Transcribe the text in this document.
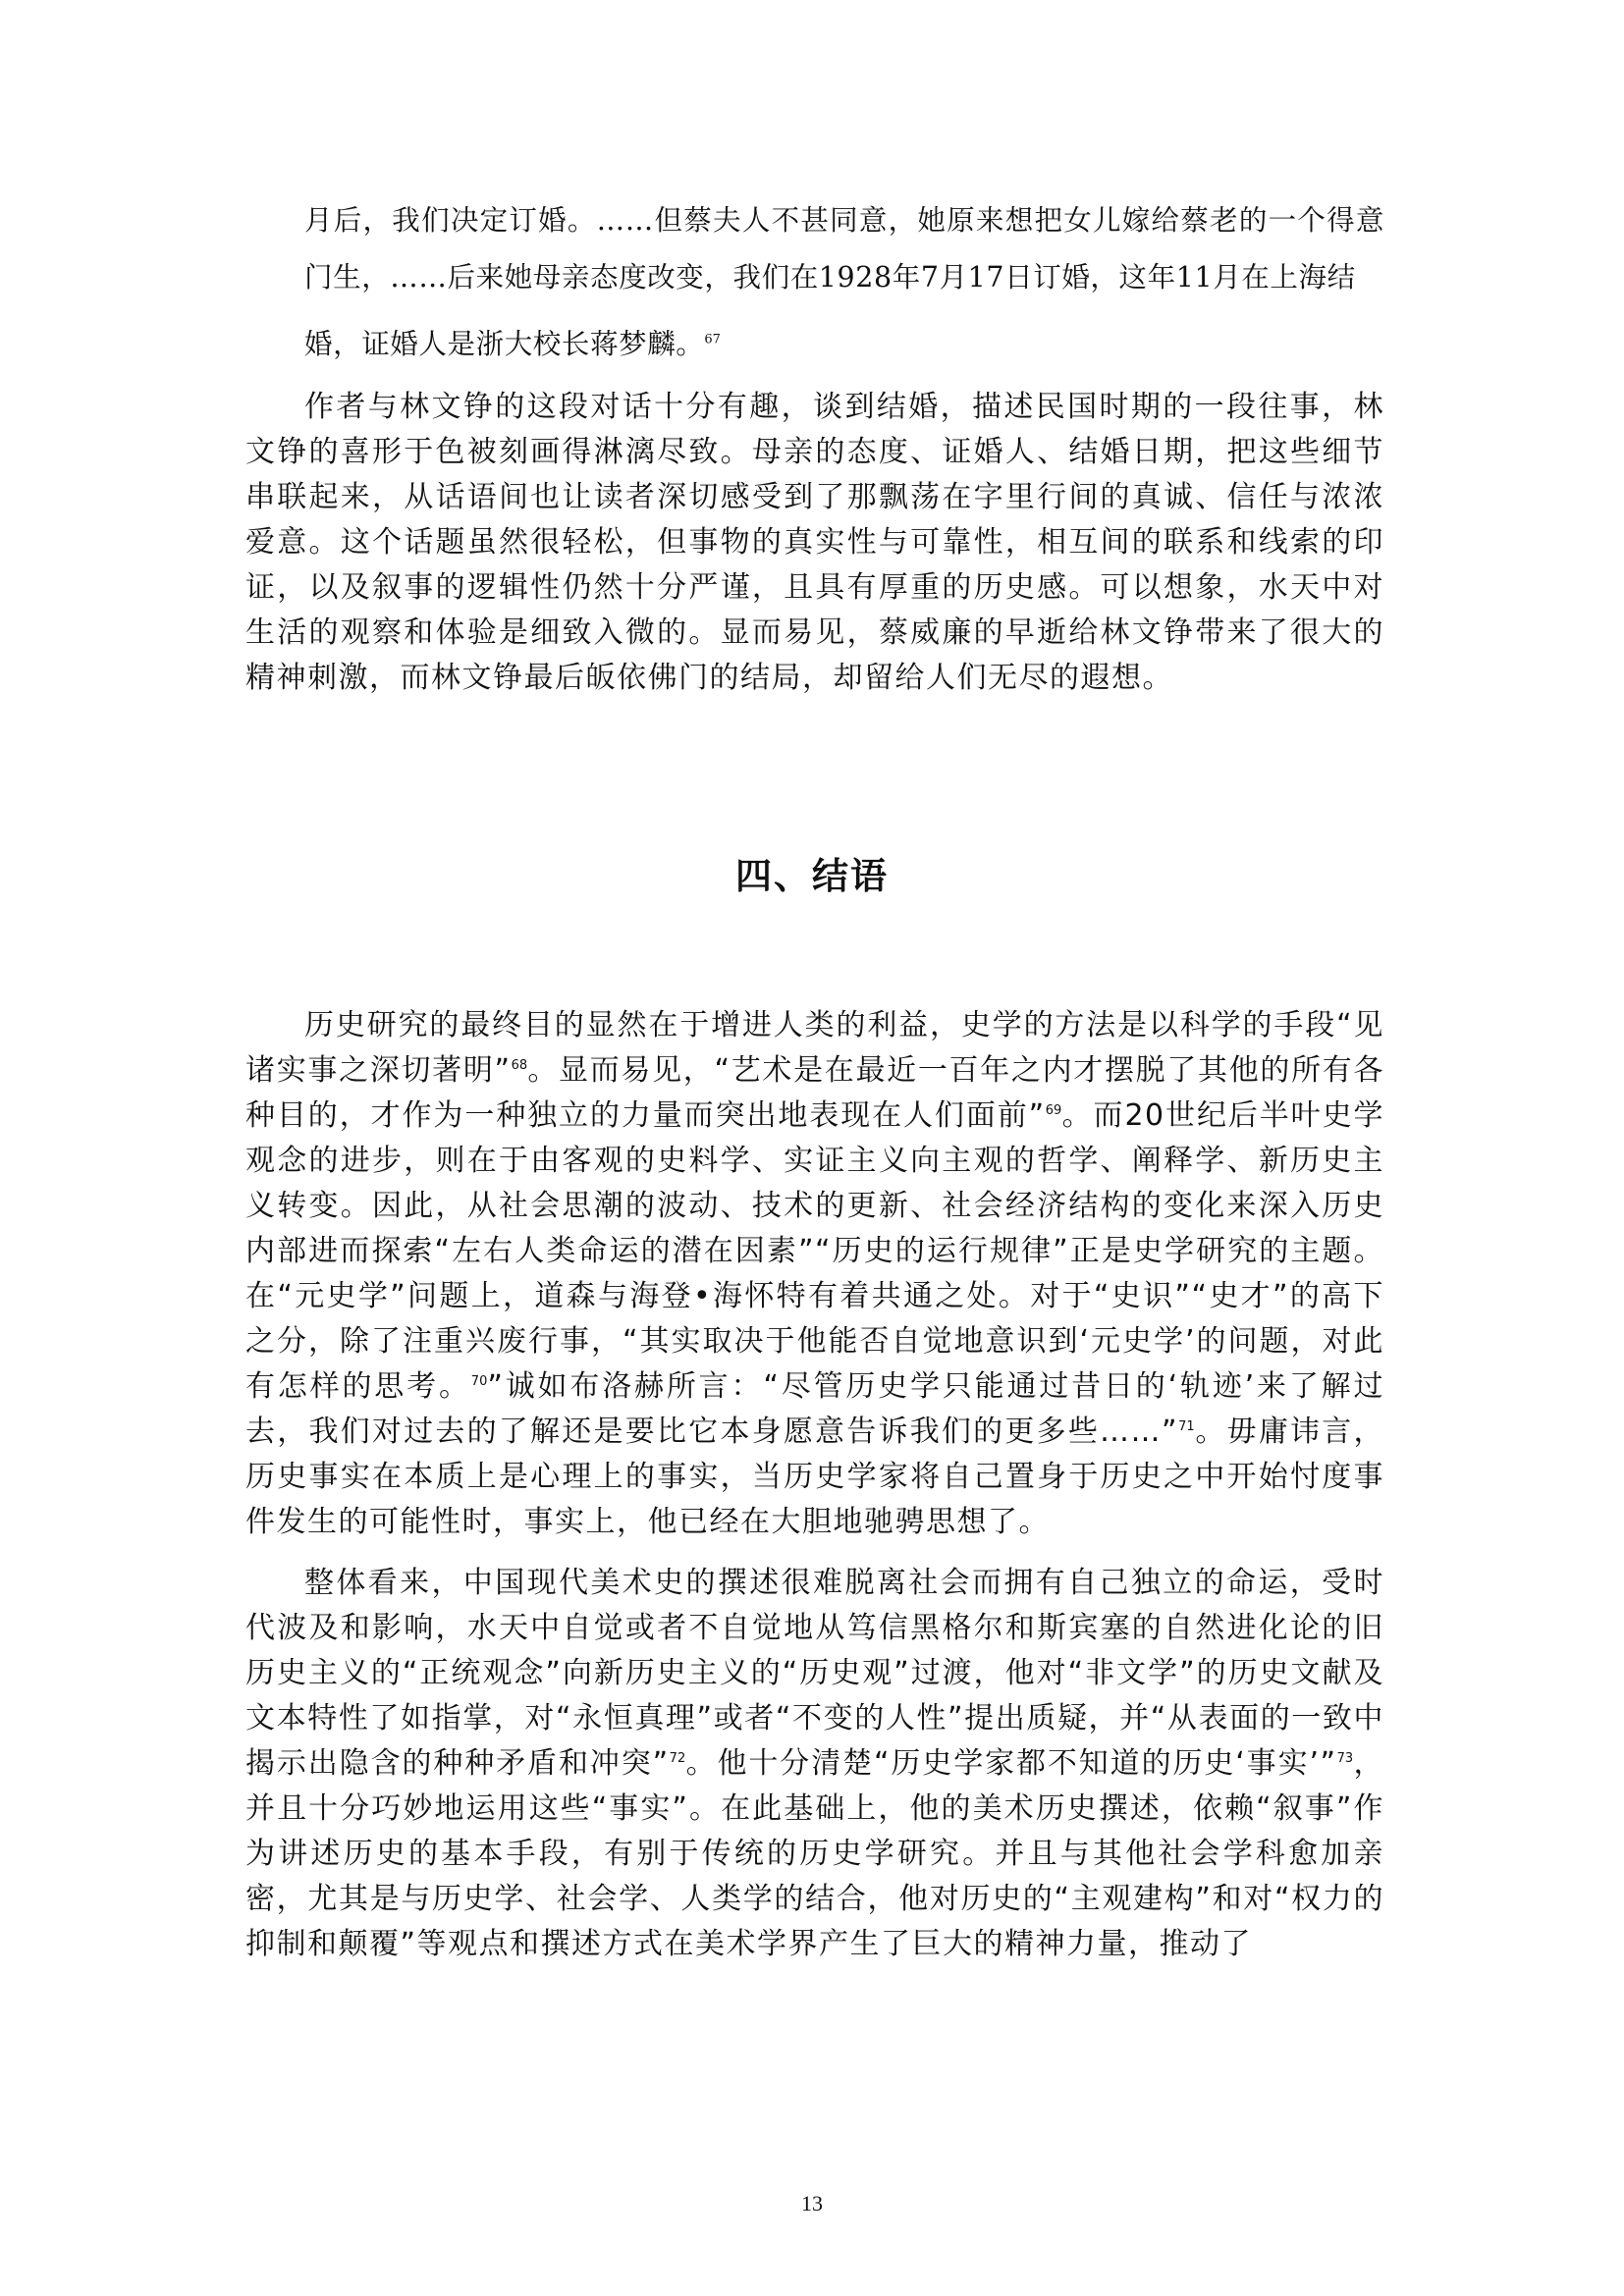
月后，我们决定订婚。……但蔡夫人不甚同意，她原来想把女儿嫁给蔡老的一个得意门生，……后来她母亲态度改变，我们在1928年7月17日订婚，这年11月在上海结

婚，证婚人是浙大校长蒋梦麟。$^{67}$

作者与林文铮的这段对话十分有趣，谈到结婚，描述民国时期的一段往事，林文铮的喜形于色被刻画得淋漓尽致。母亲的态度、证婚人、结婚日期，把这些细节串联起来，从话语间也让读者深切感受到了那飘荡在字里行间的真诚、信任与浓浓爱意。这个话题虽然很轻松，但事物的真实性与可靠性，相互间的联系和线索的印证，以及叙事的逻辑性仍然十分严谨，且具有厚重的历史感。可以想象，水天中对生活的观察和体验是细致入微的。显而易见，蔡威廉的早逝给林文铮带来了很大的精神刺激，而林文铮最后皈依佛门的结局，却留给人们无尽的遐想。

四、结语

历史研究的最终目的显然在于增进人类的利益，史学的方法是以科学的手段“见诸实事之深切著明”$^{68}$。显而易见，“艺术是在最近一百年之内才摆脱了其他的所有各种目的，才作为一种独立的力量而突出地表现在人们面前”$^{69}$。而20世纪后半叶史学观念的进步，则在于由客观的史料学、实证主义向主观的哲学、阐释学、新历史主义转变。因此，从社会思潮的波动、技术的更新、社会经济结构的变化来深入历史内部进而探索“左右人类命运的潜在因素”“历史的运行规律”正是史学研究的主题。在“元史学”问题上，道森与海登•海怀特有着共通之处。对于“史识”“史才”的高下之分，除了注重兴废行事，“其实取决于他能否自觉地意识到‘元史学’的问题，对此有怎样的思考。$^{70}$”诚如布洛赫所言：“尽管历史学只能通过昔日的‘轨迹’来了解过去，我们对过去的了解还是要比它本身愿意告诉我们的更多些……”$^{71}$。毋庸讳言，历史事实在本质上是心理上的事实，当历史学家将自己置身于历史之中开始忖度事件发生的可能性时，事实上，他已经在大胆地驰骋思想了。

整体看来，中国现代美术史的撰述很难脱离社会而拥有自己独立的命运，受时代波及和影响，水天中自觉或者不自觉地从笃信黑格尔和斯宾塞的自然进化论的旧历史主义的“正统观念”向新历史主义的“历史观”过渡，他对“非文学”的历史文献及文本特性了如指掌，对“永恒真理”或者“不变的人性”提出质疑，并“从表面的一致中揭示出隐含的种种矛盾和冲突”$^{72}$。他十分清楚“历史学家都不知道的历史‘事实’”$^{73}$，并且十分巧妙地运用这些“事实”。在此基础上，他的美术历史撰述，依赖“叙事”作为讲述历史的基本手段，有别于传统的历史学研究。并且与其他社会学科愈加亲密，尤其是与历史学、社会学、人类学的结合，他对历史的“主观建构”和对“权力的抑制和颠覆”等观点和撰述方式在美术学界产生了巨大的精神力量，推动了

13
